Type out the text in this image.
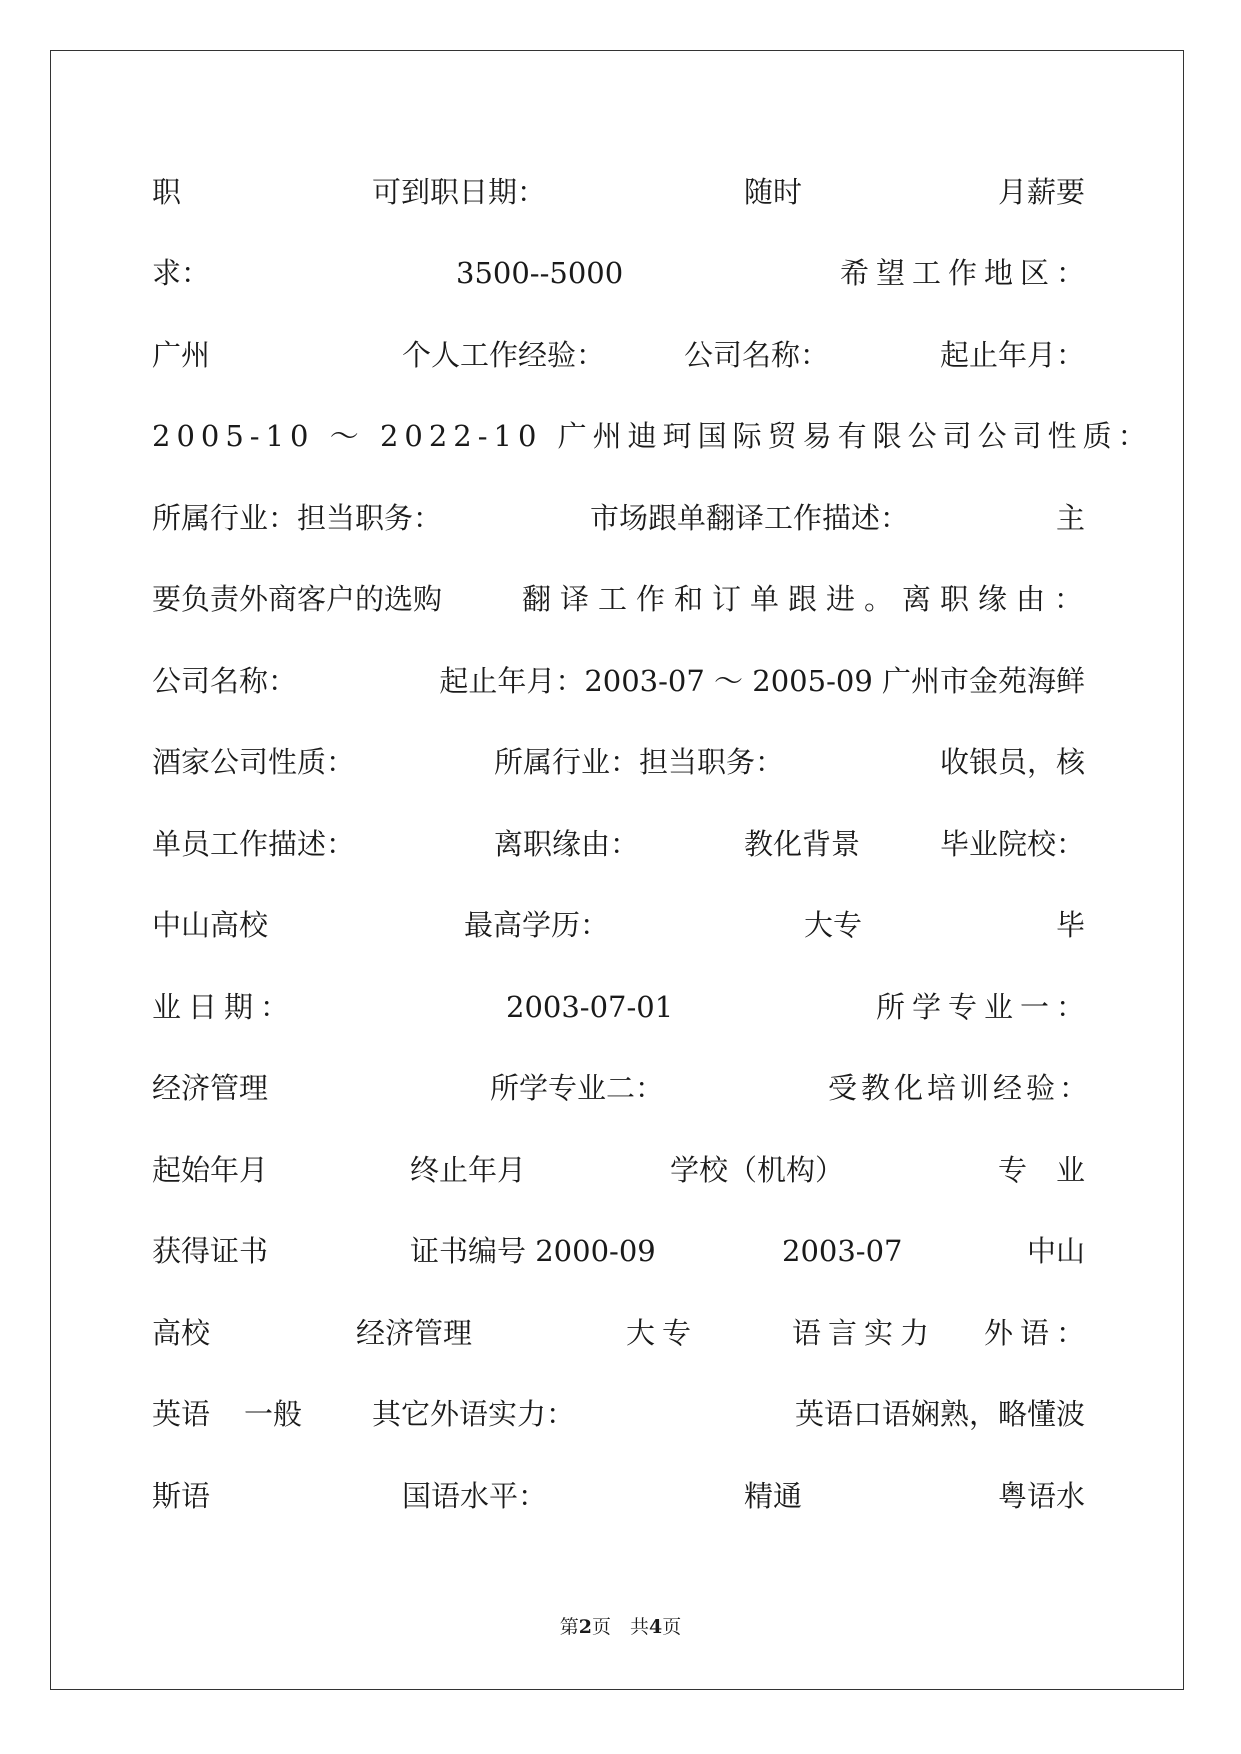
职	可到职日期：	随时	月薪要
求：	3500--5000	希望工作地区：
广州	个人工作经验：	公司名称：	起止年月：
2005-10 ～ 2022-10 广州迪珂国际贸易有限公司公司性质：
所属行业：担当职务：	市场跟单翻译工作描述：	主
要负责外商客户的选购	翻译工作和订单跟进。离职缘由：
公司名称：	起止年月：2003-07 ～ 2005-09 广州市金苑海鲜
酒家公司性质：	所属行业：担当职务：	收银员，核
单员工作描述：	离职缘由：	教化背景	毕业院校：
中山高校	最高学历：	大专	毕
业日期：	2003-07-01	所学专业一：
经济管理	所学专业二：	受教化培训经验：
起始年月	终止年月	学校（机构）	专　业
获得证书	证书编号 2000-09	2003-07	中山
高校	经济管理	大专	语言实力 外语：
英语 一般 其它外语实力：	英语口语娴熟，略懂波
斯语	国语水平：	精通	粤语水
第2页　共4页
